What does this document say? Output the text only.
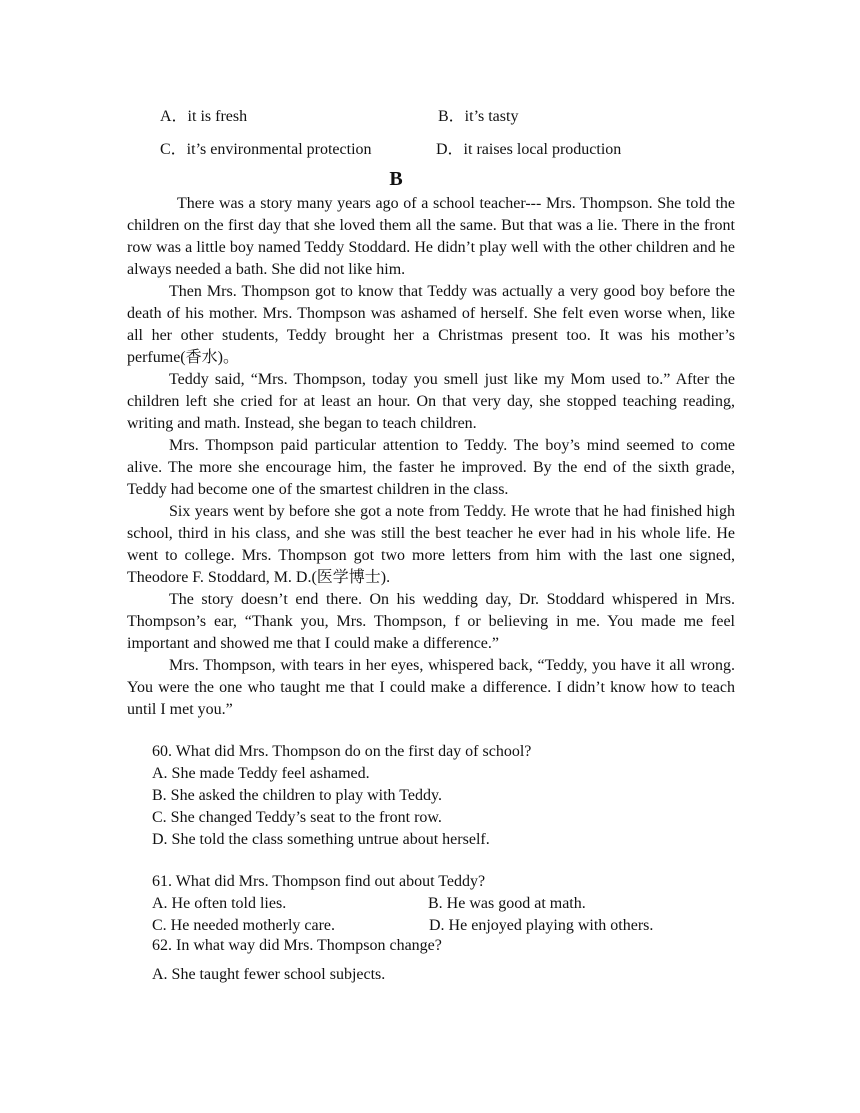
A．it is fresh	B．it’s tasty
C．it’s environmental protection	D．it raises local production
B

There was a story many years ago of a school teacher--- Mrs. Thompson. She told the children on the first day that she loved them all the same. But that was a lie. There in the front row was a little boy named Teddy Stoddard. He didn’t play well with the other children and he always needed a bath. She did not like him.

Then Mrs. Thompson got to know that Teddy was actually a very good boy before the death of his mother. Mrs. Thompson was ashamed of herself. She felt even worse when, like all her other students, Teddy brought her a Christmas present too. It was his mother’s perfume(香水)。

Teddy said, “Mrs. Thompson, today you smell just like my Mom used to.” After the children left she cried for at least an hour. On that very day, she stopped teaching reading, writing and math. Instead, she began to teach children.

Mrs. Thompson paid particular attention to Teddy. The boy’s mind seemed to come alive. The more she encourage him, the faster he improved. By the end of the sixth grade, Teddy had become one of the smartest children in the class.

Six years went by before she got a note from Teddy. He wrote that he had finished high school, third in his class, and she was still the best teacher he ever had in his whole life. He went to college. Mrs. Thompson got two more letters from him with the last one signed, Theodore F. Stoddard, M. D.(医学博士).

The story doesn’t end there. On his wedding day, Dr. Stoddard whispered in Mrs. Thompson’s ear, “Thank you, Mrs. Thompson, f or believing in me. You made me feel important and showed me that I could make a difference.”

Mrs. Thompson, with tears in her eyes, whispered back, “Teddy, you have it all wrong. You were the one who taught me that I could make a difference. I didn’t know how to teach until I met you.”

60. What did Mrs. Thompson do on the first day of school?
A. She made Teddy feel ashamed.
B. She asked the children to play with Teddy.
C. She changed Teddy’s seat to the front row.
D. She told the class something untrue about herself.
61. What did Mrs. Thompson find out about Teddy?
A. He often told lies.	B. He was good at math.
C. He needed motherly care.	D. He enjoyed playing with others.
62. In what way did Mrs. Thompson change?
A. She taught fewer school subjects.
